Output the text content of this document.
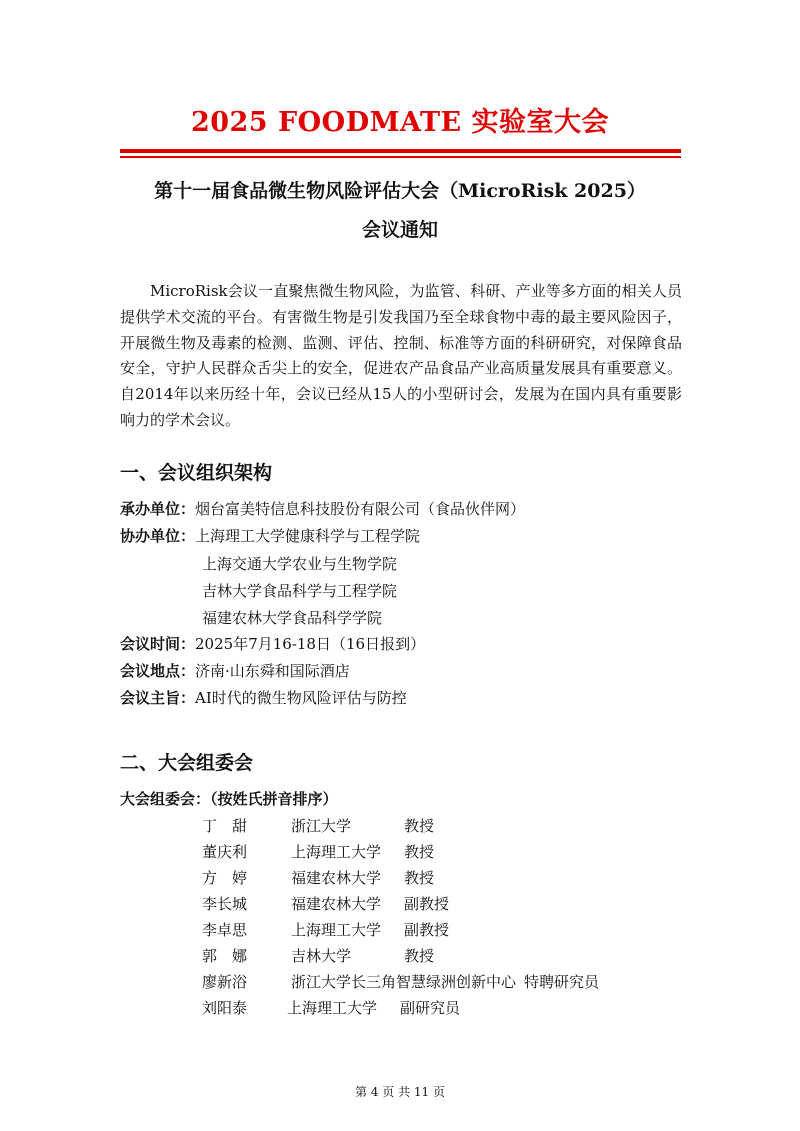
2025 FOODMATE 实验室大会
第十一届食品微生物风险评估大会（MicroRisk 2025）
会议通知
MicroRisk会议一直聚焦微生物风险，为监管、科研、产业等多方面的相关人员提供学术交流的平台。有害微生物是引发我国乃至全球食物中毒的最主要风险因子，开展微生物及毒素的检测、监测、评估、控制、标准等方面的科研研究，对保障食品安全，守护人民群众舌尖上的安全，促进农产品食品产业高质量发展具有重要意义。自2014年以来历经十年，会议已经从15人的小型研讨会，发展为在国内具有重要影响力的学术会议。
一、会议组织架构
承办单位：烟台富美特信息科技股份有限公司（食品伙伴网）
协办单位：上海理工大学健康科学与工程学院
上海交通大学农业与生物学院
吉林大学食品科学与工程学院
福建农林大学食品科学学院
会议时间：2025年7月16-18日（16日报到）
会议地点：济南·山东舜和国际酒店
会议主旨：AI时代的微生物风险评估与防控
二、大会组委会
大会组委会：（按姓氏拼音排序）
丁　甜	浙江大学	教授
董庆利	上海理工大学 教授
方　婷	福建农林大学 教授
李长城	福建农林大学 副教授
李卓思	上海理工大学 副教授
郭　娜	吉林大学	教授
廖新浴	浙江大学长三角智慧绿洲创新中心 特聘研究员
刘阳泰	上海理工大学 副研究员
第 4 页 共 11 页
